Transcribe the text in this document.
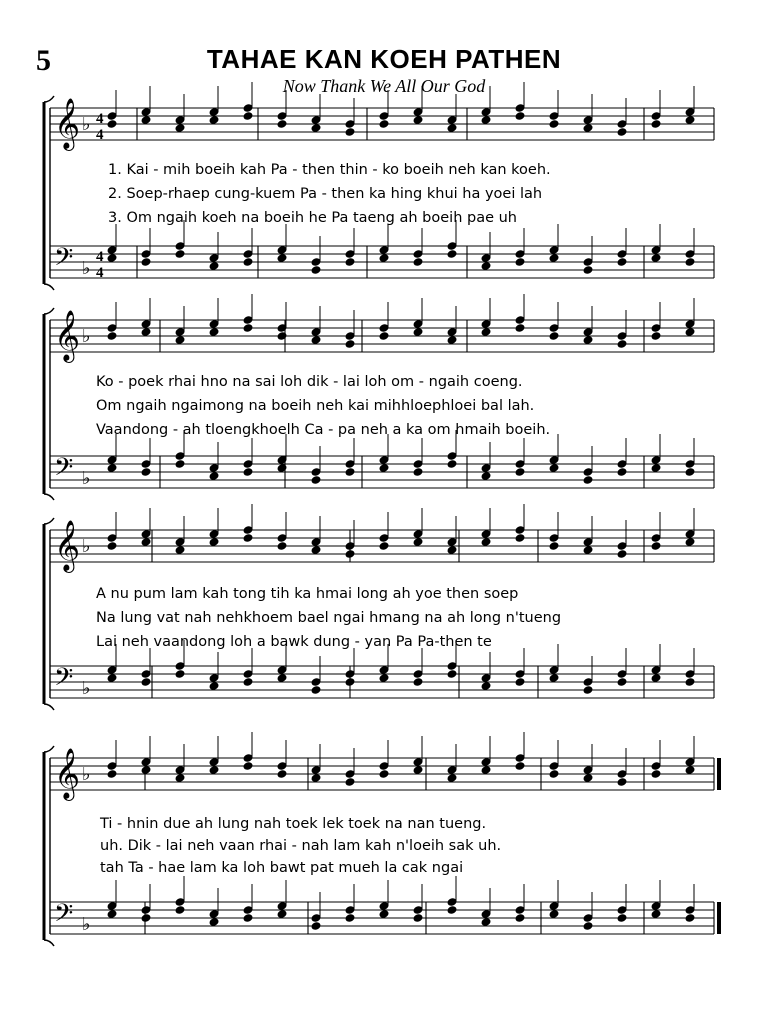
5	TAHAE KAN KOEH PATHEN
Now Thank We All Our God
𝄞 ♭ 4
4
𝄢 ♭
4
4
𝄞 ♭
𝄢 ♭
𝄞 ♭
𝄢 ♭
𝄞 ♭
𝄢 ♭
1. Kai - mih boeih kah Pa - then thin - ko boeih neh kan koeh.
2. Soep-rhaep cung-kuem Pa - then ka hing khui ha yoei lah
3. Om ngaih koeh na boeih he Pa taeng ah boeih pae uh
Ko - poek rhai hno na sai loh dik - lai loh om - ngaih coeng.
Om ngaih ngaimong na boeih neh kai mihhloephloei bal lah.
Vaandong - ah tloengkhoelh Ca - pa neh a ka om hmaih boeih.
A nu pum lam kah tong tih ka hmai long ah yoe then soep
Na lung vat nah nehkhoem bael ngai hmang na ah long n'tueng
Lai neh vaandong loh a bawk dung - yan Pa Pa-then te
Ti - hnin due ah lung nah toek lek toek na nan tueng.
uh. Dik - lai neh vaan rhai - nah lam kah n'loeih sak uh.
tah Ta - hae lam ka loh bawt pat mueh la cak ngai
